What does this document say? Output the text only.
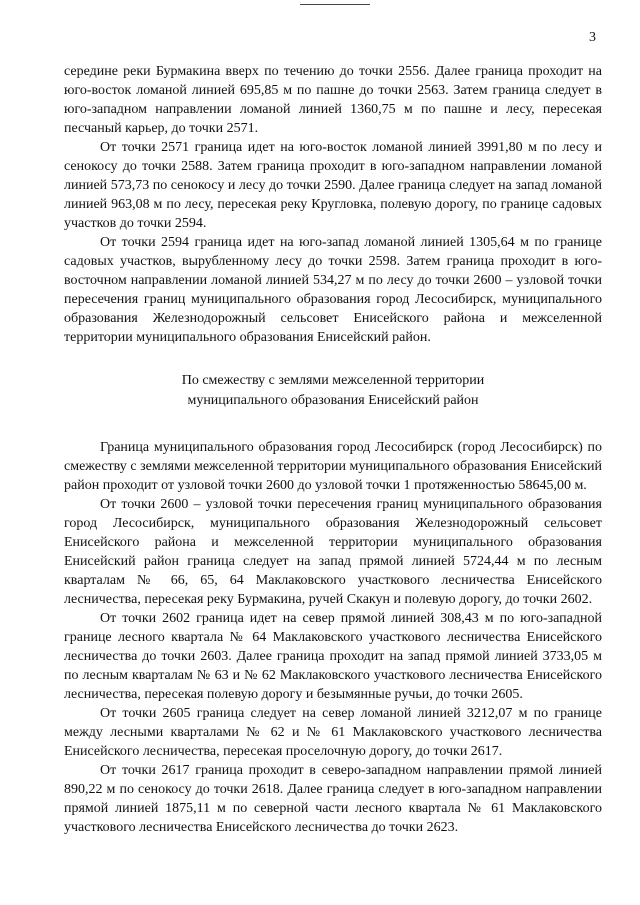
3

середине реки Бурмакина вверх по течению до точки 2556. Далее граница проходит на юго-восток ломаной линией 695,85 м по пашне до точки 2563. Затем граница следует в юго-западном направлении ломаной линией 1360,75 м по пашне и лесу, пересекая песчаный карьер, до точки 2571.

От точки 2571 граница идет на юго-восток ломаной линией 3991,80 м по лесу и сенокосу до точки 2588. Затем граница проходит в юго-западном направлении ломаной линией 573,73 по сенокосу и лесу до точки 2590. Далее граница следует на запад ломаной линией 963,08 м по лесу, пересекая реку Кругловка, полевую дорогу, по границе садовых участков до точки 2594.

От точки 2594 граница идет на юго-запад ломаной линией 1305,64 м по границе садовых участков, вырубленному лесу до точки 2598. Затем граница проходит в юго-восточном направлении ломаной линией 534,27 м по лесу до точки 2600 – узловой точки пересечения границ муниципального образования город Лесосибирск, муниципального образования Железнодорожный сельсовет Енисейского района и межселенной территории муниципального образования Енисейский район.

По смежеству с землями межселенной территории
муниципального образования Енисейский район

Граница муниципального образования город Лесосибирск (город Лесосибирск) по смежеству с землями межселенной территории муниципального образования Енисейский район проходит от узловой точки 2600 до узловой точки 1 протяженностью 58645,00 м.

От точки 2600 – узловой точки пересечения границ муниципального образования город Лесосибирск, муниципального образования Железнодорожный сельсовет Енисейского района и межселенной территории муниципального образования Енисейский район граница следует на запад прямой линией 5724,44 м по лесным кварталам № 66, 65, 64 Маклаковского участкового лесничества Енисейского лесничества, пересекая реку Бурмакина, ручей Скакун и полевую дорогу, до точки 2602.

От точки 2602 граница идет на север прямой линией 308,43 м по юго-западной границе лесного квартала № 64 Маклаковского участкового лесничества Енисейского лесничества до точки 2603. Далее граница проходит на запад прямой линией 3733,05 м по лесным кварталам № 63 и № 62 Маклаковского участкового лесничества Енисейского лесничества, пересекая полевую дорогу и безымянные ручьи, до точки 2605.

От точки 2605 граница следует на север ломаной линией 3212,07 м по границе между лесными кварталами № 62 и № 61 Маклаковского участкового лесничества Енисейского лесничества, пересекая проселочную дорогу, до точки 2617.

От точки 2617 граница проходит в северо-западном направлении прямой линией 890,22 м по сенокосу до точки 2618. Далее граница следует в юго-западном направлении прямой линией 1875,11 м по северной части лесного квартала № 61 Маклаковского участкового лесничества Енисейского лесничества до точки 2623.
